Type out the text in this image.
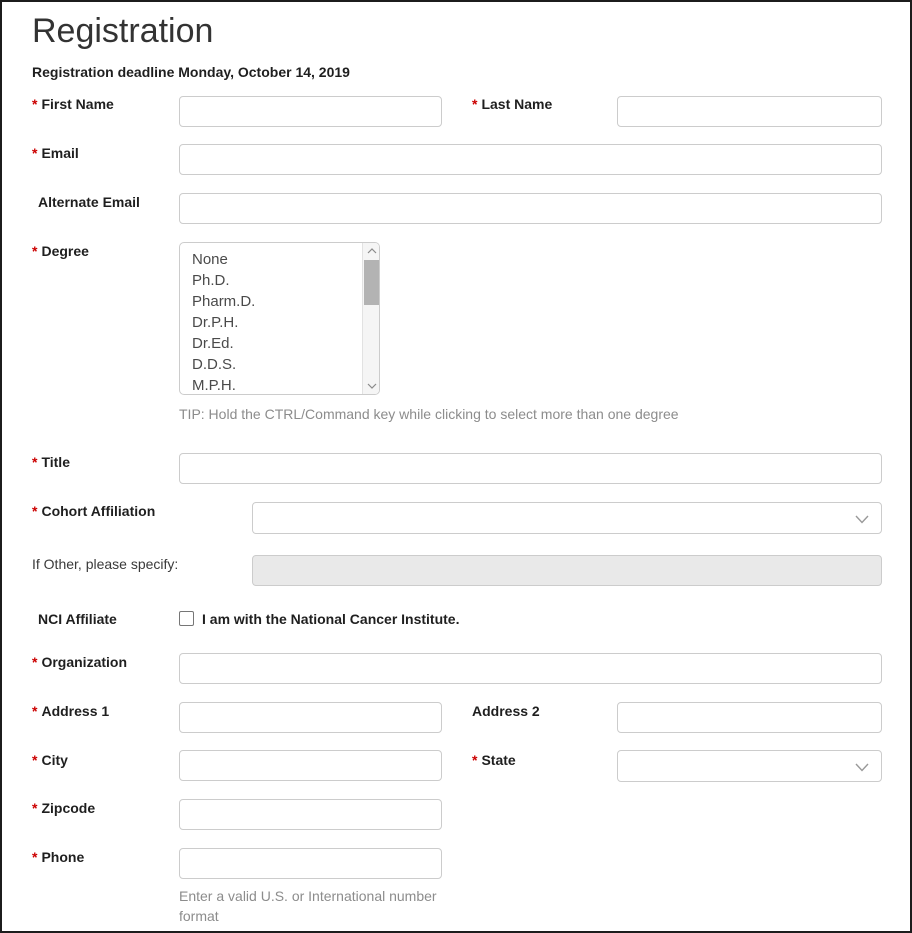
Registration
Registration deadline Monday, October 14, 2019
* First Name	* Last Name
* Email
Alternate Email
* Degree	None
Ph.D.
Pharm.D.
Dr.P.H.
Dr.Ed.
D.D.S.
M.P.H.
TIP: Hold the CTRL/Command key while clicking to select more than one degree
* Title
* Cohort Affiliation
If Other, please specify:
NCI Affiliate	I am with the National Cancer Institute.
* Organization
* Address 1	Address 2
* City	* State
* Zipcode
* Phone
Enter a valid U.S. or International number format
